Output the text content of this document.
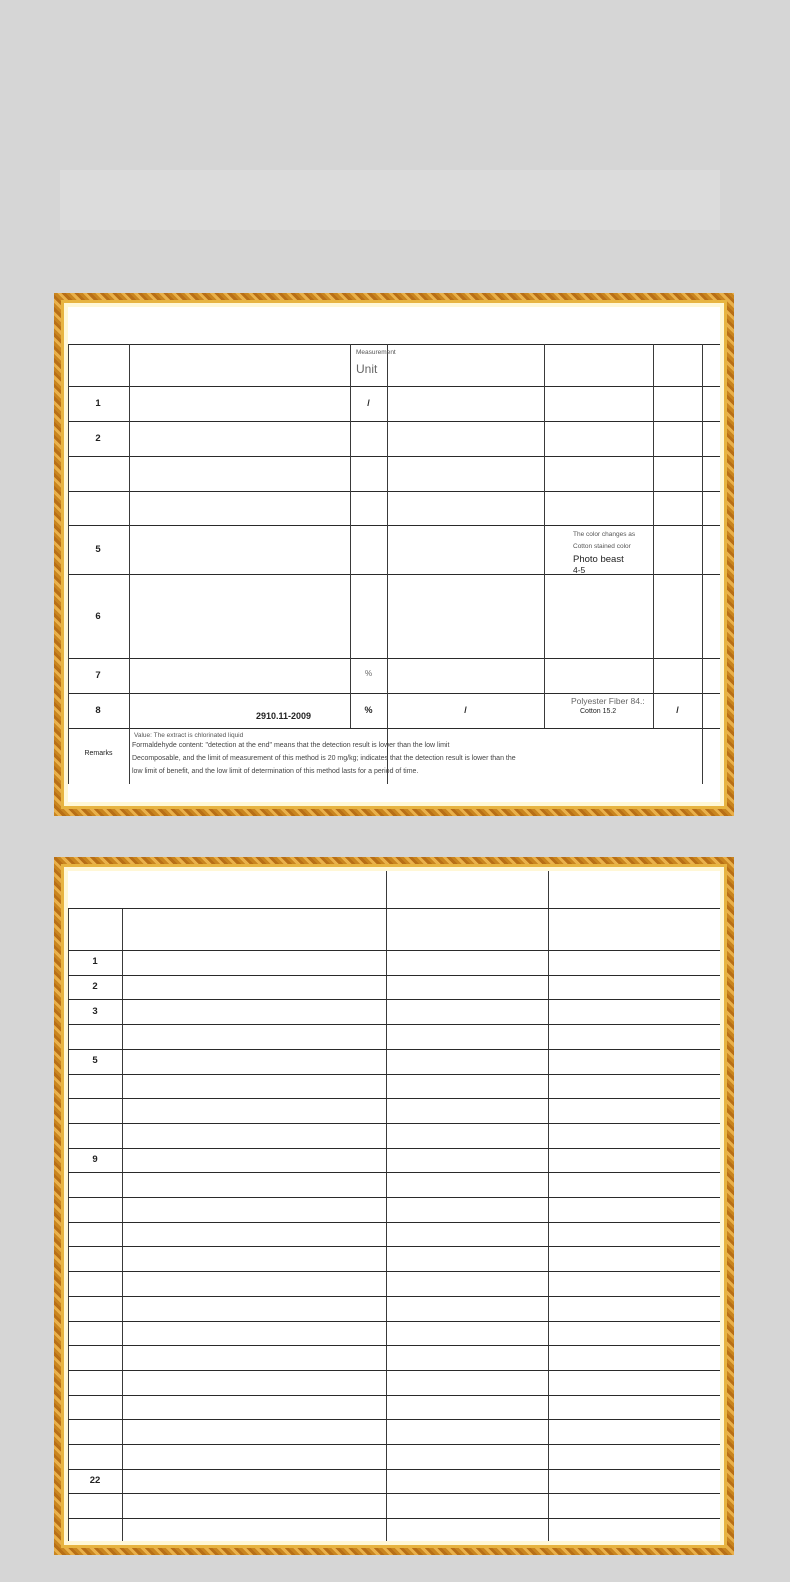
Measurement
Unit
1
2
5
6
7
8
/
%
%
The color changes as
Cotton stained color
Photo beast
4-5
2910.11-2009
/
Polyester Fiber 84.:
Cotton 15.2	/
Remarks
Value: The extract is chlorinated liquid
Formaldehyde content: "detection at the end" means that the detection result is lower than the low limit
Decomposable, and the limit of measurement of this method is 20 mg/kg; indicates that the detection result is lower than the
low limit of benefit, and the low limit of determination of this method lasts for a period of time.
1
2
3
5
9
22
